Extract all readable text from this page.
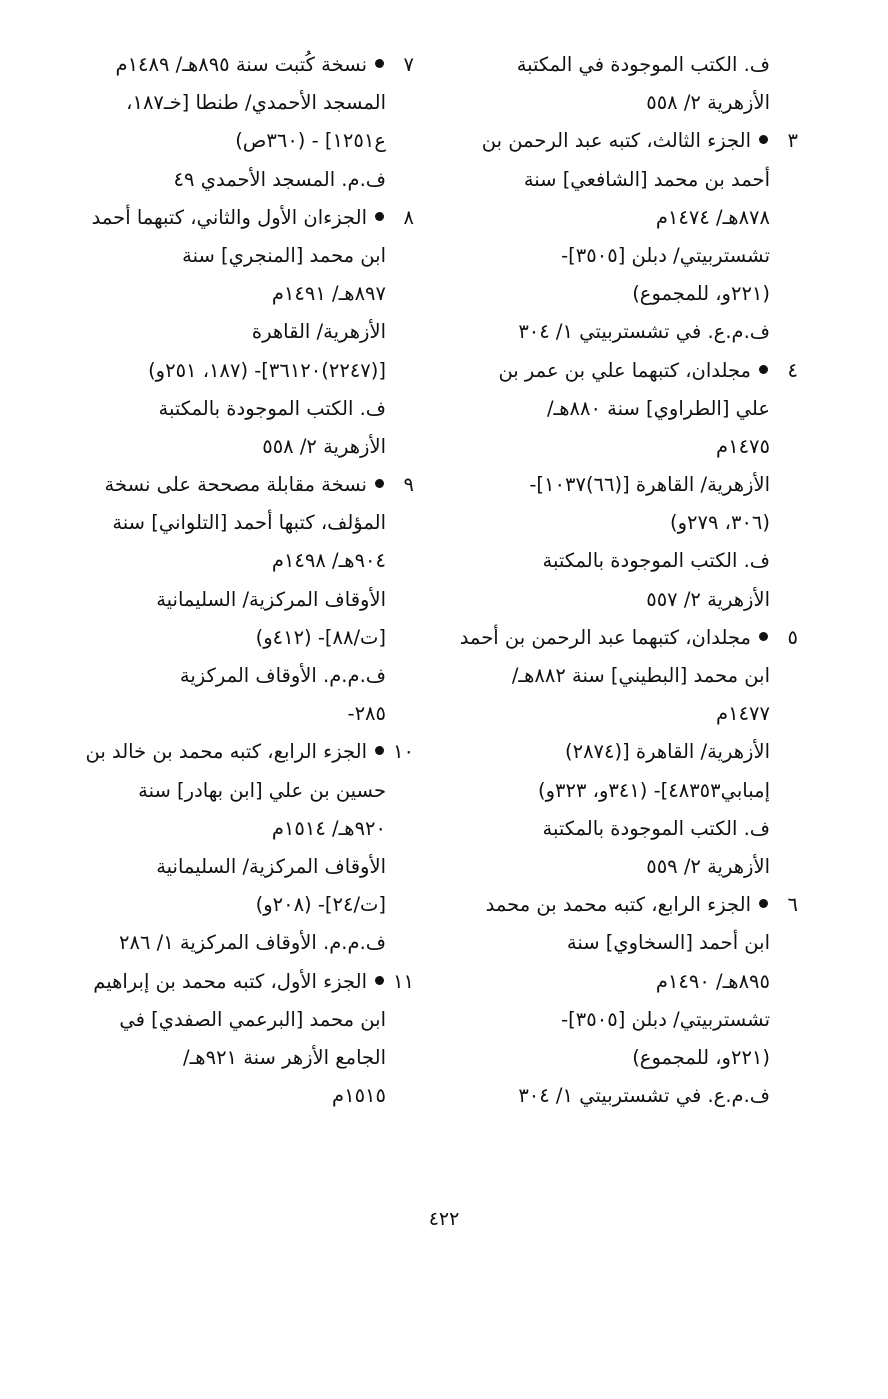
ف. الكتب الموجودة في المكتبة
الأزهرية ٢/ ٥٥٨
٣الجزء الثالث، كتبه عبد الرحمن بن
أحمد بن محمد [الشافعي] سنة
٨٧٨هـ/ ١٤٧٤م
تشستربيتي/ دبلن [٣٥٠٥]-
(٢٢١و، للمجموع)
ف.م.ع. في تشستربيتي ١/ ٣٠٤
٤مجلدان، كتبهما علي بن عمر بن
علي [الطراوي] سنة ٨٨٠هـ/
١٤٧٥م
الأزهرية/ القاهرة [(٦٦)١٠٣٧]-
(٣٠٦، ٢٧٩و)
ف. الكتب الموجودة بالمكتبة
الأزهرية ٢/ ٥٥٧
٥مجلدان، كتبهما عبد الرحمن بن أحمد
ابن محمد [البطيني] سنة ٨٨٢هـ/
١٤٧٧م
الأزهرية/ القاهرة [(٢٨٧٤)
إمبابي٤٨٣٥٣]- (٣٤١و، ٣٢٣و)
ف. الكتب الموجودة بالمكتبة
الأزهرية ٢/ ٥٥٩
٦الجزء الرابع، كتبه محمد بن محمد
ابن أحمد [السخاوي] سنة
٨٩٥هـ/ ١٤٩٠م
تشستربيتي/ دبلن [٣٥٠٥]-
(٢٢١و، للمجموع)
ف.م.ع. في تشستربيتي ١/ ٣٠٤
٧نسخة كُتبت سنة ٨٩٥هـ/ ١٤٨٩م
المسجد الأحمدي/ طنطا [خـ١٨٧،
ع١٢٥١] - (٣٦٠ص)
ف.م. المسجد الأحمدي ٤٩
٨الجزءان الأول والثاني، كتبهما أحمد
ابن محمد [المنجري] سنة
٨٩٧هـ/ ١٤٩١م
الأزهرية/ القاهرة
[(٢٢٤٧)٣٦١٢٠]- (١٨٧، ٢٥١و)
ف. الكتب الموجودة بالمكتبة
الأزهرية ٢/ ٥٥٨
٩نسخة مقابلة مصححة على نسخة
المؤلف، كتبها أحمد [التلواني] سنة
٩٠٤هـ/ ١٤٩٨م
الأوقاف المركزية/ السليمانية
[ت/٨٨]- (٤١٢و)
ف.م.م. الأوقاف المركزية
٢٨٥-
١٠الجزء الرابع، كتبه محمد بن خالد بن
حسين بن علي [ابن بهادر] سنة
٩٢٠هـ/ ١٥١٤م
الأوقاف المركزية/ السليمانية
[ت/٢٤]- (٢٠٨و)
ف.م.م. الأوقاف المركزية ١/ ٢٨٦
١١الجزء الأول، كتبه محمد بن إبراهيم
ابن محمد [البرعمي الصفدي] في
الجامع الأزهر سنة ٩٢١هـ/
١٥١٥م
٤٢٢
